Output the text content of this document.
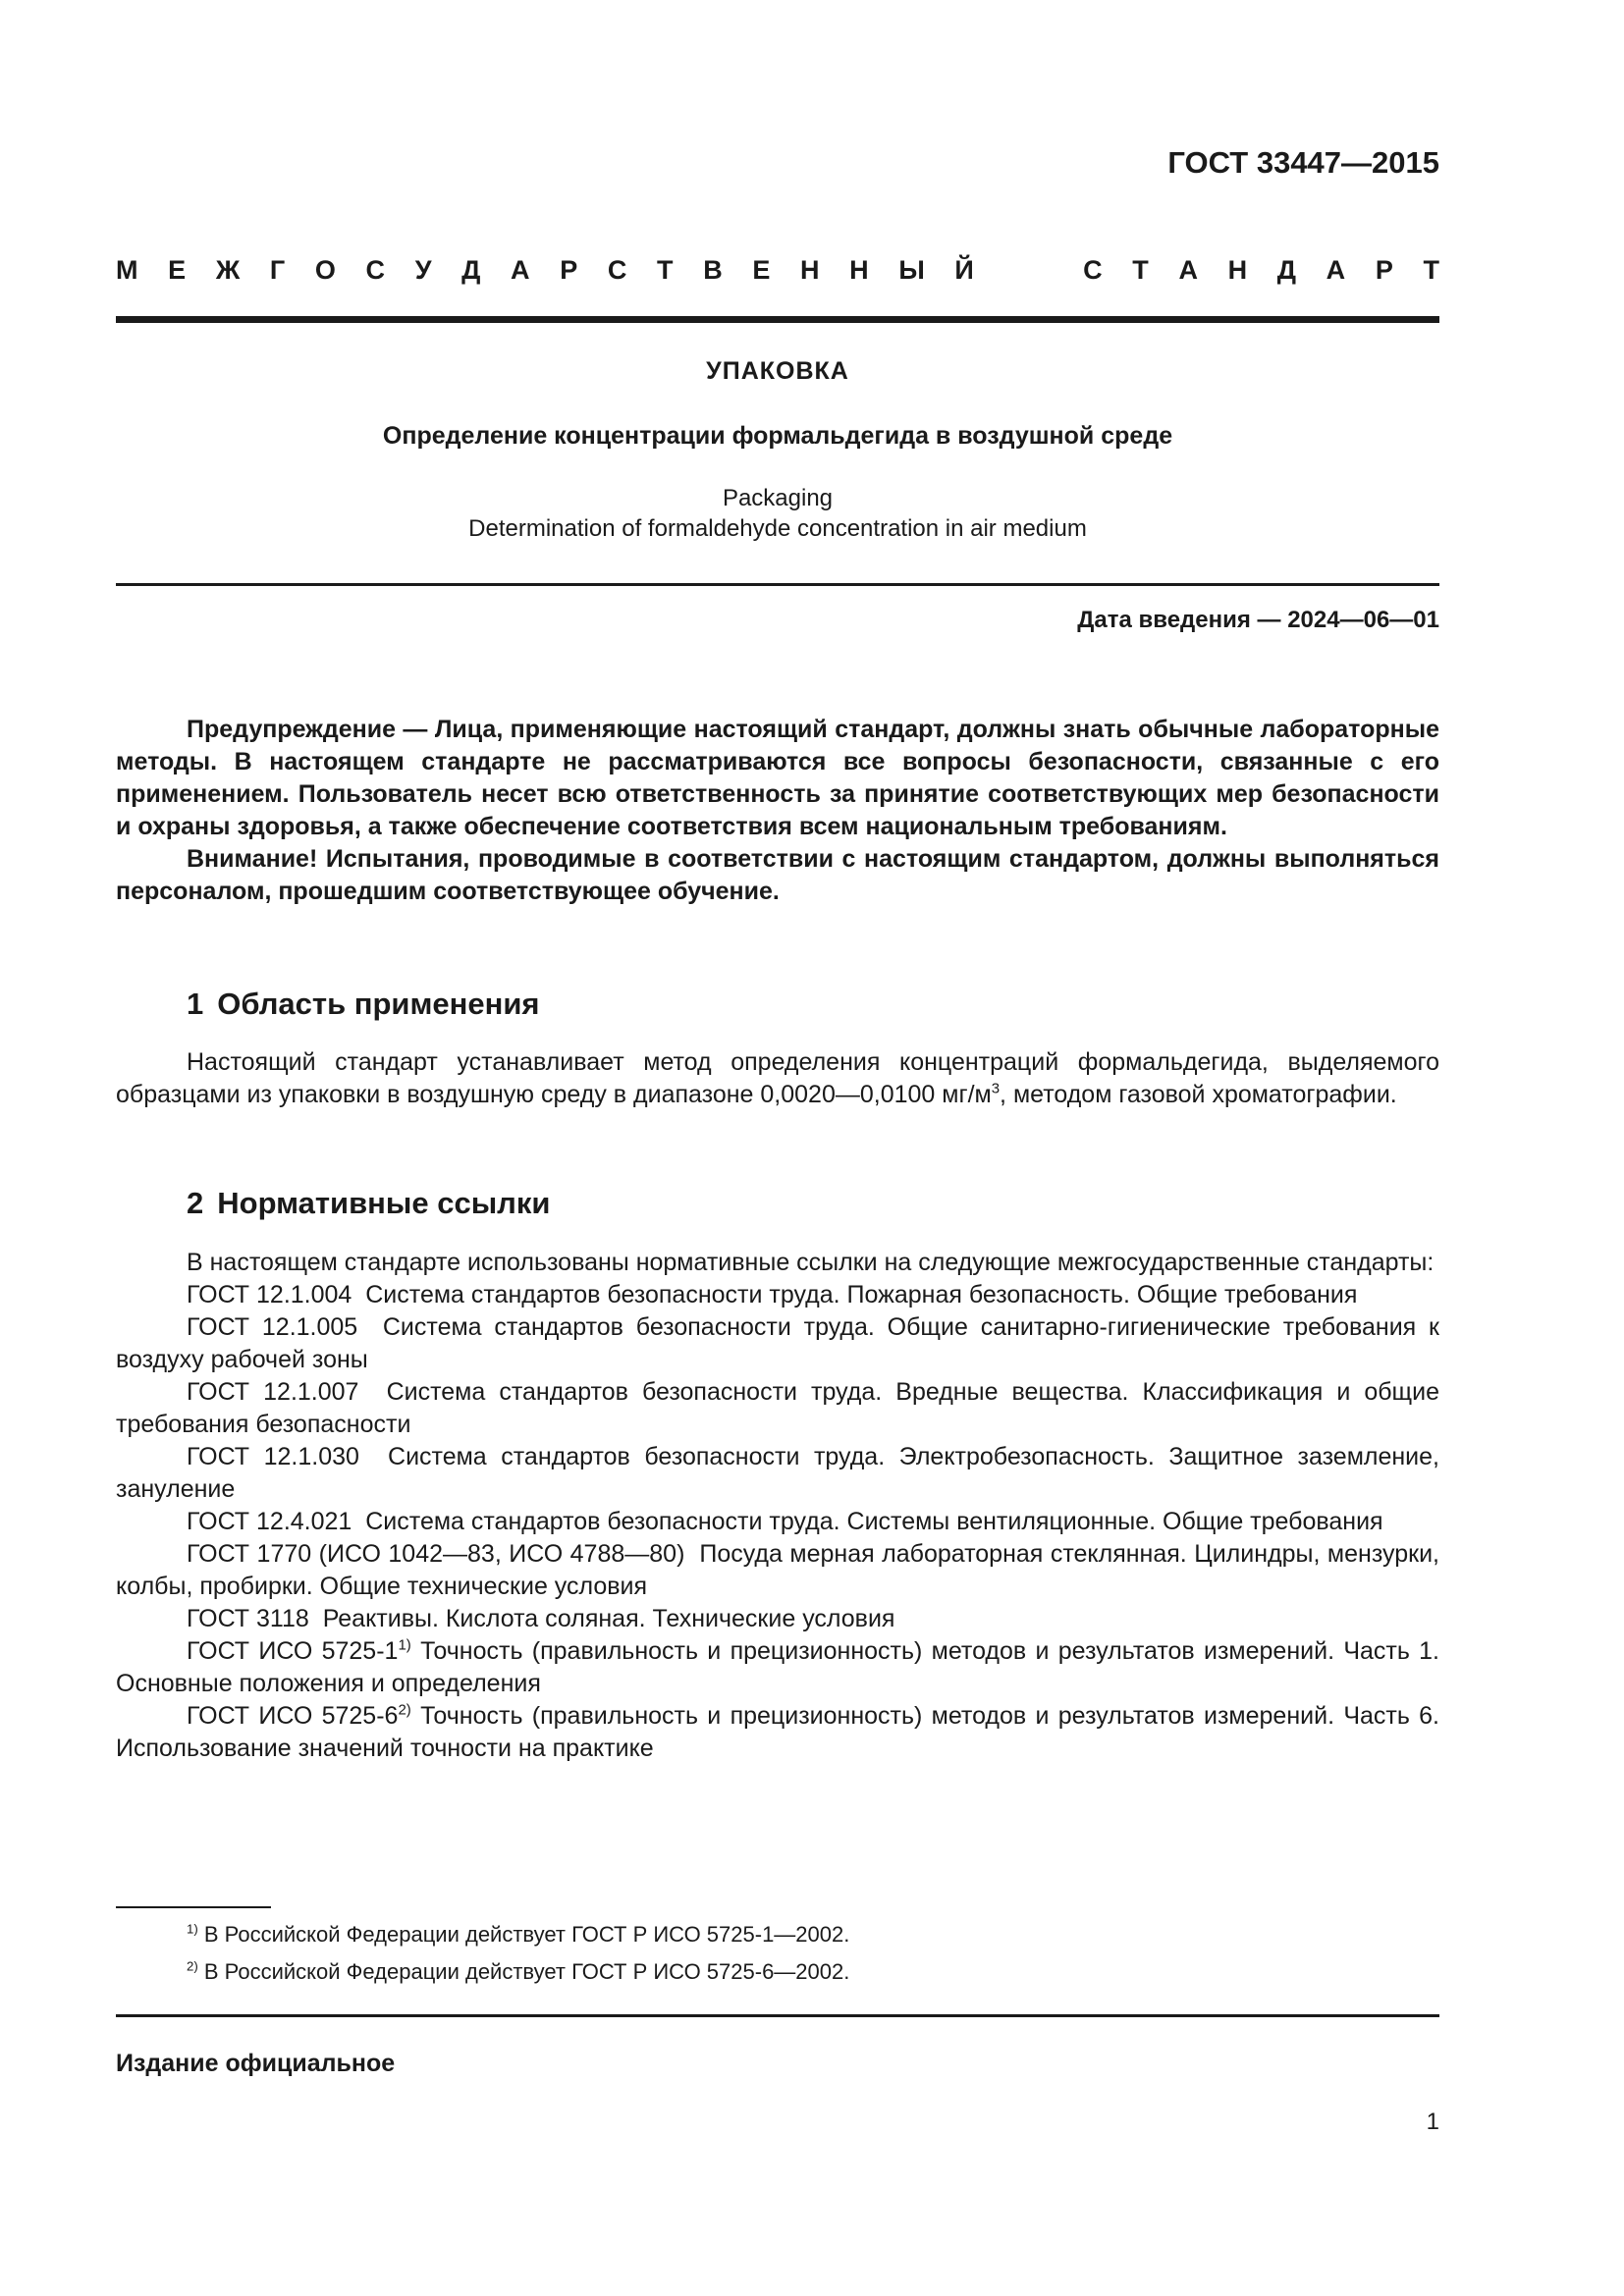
ГОСТ 33447—2015
М Е Ж Г О С У Д А Р С Т В Е Н Н Ы Й	С Т А Н Д А Р Т
УПАКОВКА
Определение концентрации формальдегида в воздушной среде
Packaging
Determination of formaldehyde concentration in air medium
Дата введения — 2024—06—01

Предупреждение — Лица, применяющие настоящий стандарт, должны знать обычные лабораторные методы. В настоящем стандарте не рассматриваются все вопросы безопасности, связанные с его применением. Пользователь несет всю ответственность за принятие соответствующих мер безопасности и охраны здоровья, а также обеспечение соответствия всем национальным требованиям.

Внимание! Испытания, проводимые в соответствии с настоящим стандартом, должны выполняться персоналом, прошедшим соответствующее обучение.

1 Область применения

Настоящий стандарт устанавливает метод определения концентраций формальдегида, выделяемого образцами из упаковки в воздушную среду в диапазоне 0,0020—0,0100 $мг/м^3$, методом газовой хроматографии.

2 Нормативные ссылки

В настоящем стандарте использованы нормативные ссылки на следующие межгосударственные стандарты:

ГОСТ 12.1.004 Система стандартов безопасности труда. Пожарная безопасность. Общие требования

ГОСТ 12.1.005 Система стандартов безопасности труда. Общие санитарно-гигиенические требования к воздуху рабочей зоны

ГОСТ 12.1.007 Система стандартов безопасности труда. Вредные вещества. Классификация и общие требования безопасности

ГОСТ 12.1.030 Система стандартов безопасности труда. Электробезопасность. Защитное заземление, зануление

ГОСТ 12.4.021 Система стандартов безопасности труда. Системы вентиляционные. Общие требования

ГОСТ 1770 (ИСО 1042—83, ИСО 4788—80) Посуда мерная лабораторная стеклянная. Цилиндры, мензурки, колбы, пробирки. Общие технические условия

ГОСТ 3118 Реактивы. Кислота соляная. Технические условия

ГОСТ ИСО 5725-1$^{1)}$ Точность (правильность и прецизионность) методов и результатов измерений. Часть 1. Основные положения и определения

ГОСТ ИСО 5725-6$^{2)}$ Точность (правильность и прецизионность) методов и результатов измерений. Часть 6. Использование значений точности на практике

$^{1)}$ В Российской Федерации действует ГОСТ Р ИСО 5725-1—2002.
$^{2)}$ В Российской Федерации действует ГОСТ Р ИСО 5725-6—2002.
Издание официальное
1
